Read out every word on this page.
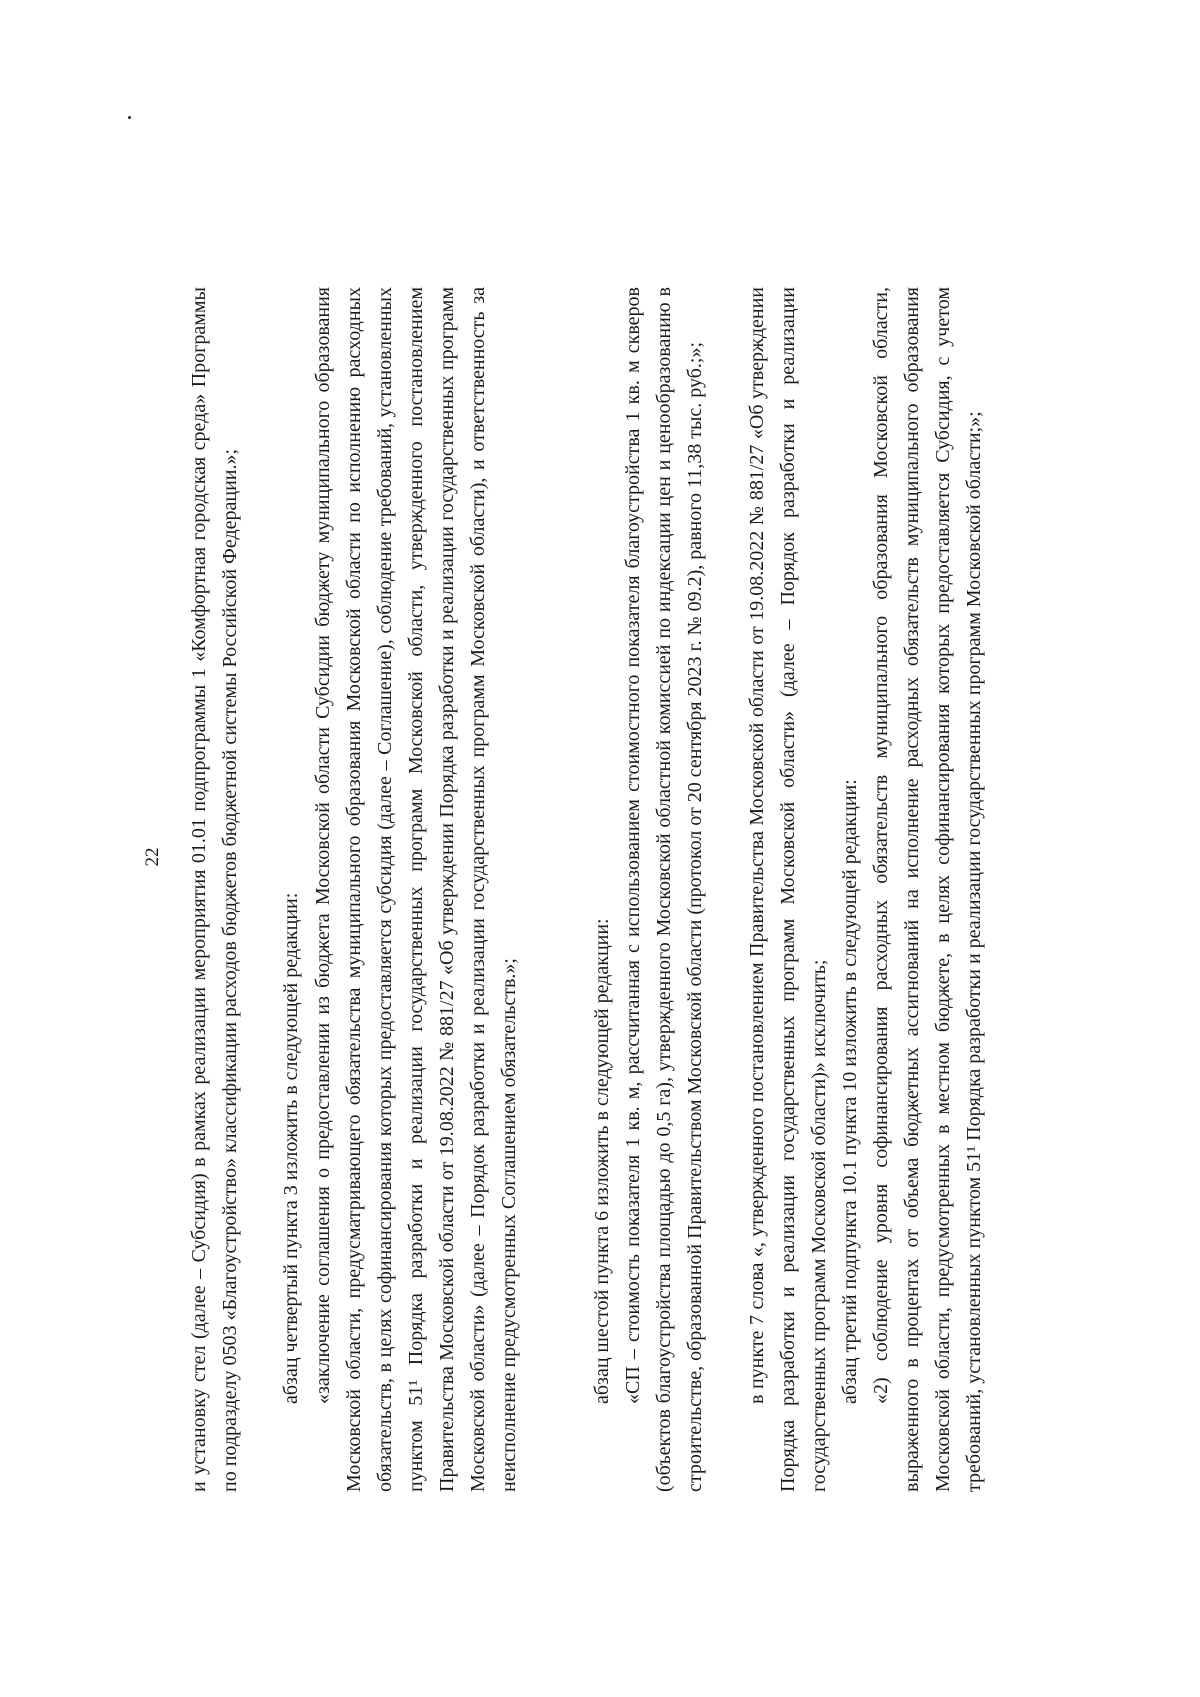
22 и установку стел (далее – Субсидия) в рамках реализации мероприятия 01.01 подпрограммы 1 «Комфортная городская среда» Программы по подразделу 0503 «Благоустройство» классификации расходов бюджетов бюджетной системы Российской Федерации.»; абзац четвертый пункта 3 изложить в следующей редакции: «заключение соглашения о предоставлении из бюджета Московской области Субсидии бюджету муниципального образования Московской области, предусматривающего обязательства муниципального образования Московской области по исполнению расходных обязательств, в целях софинансирования которых предоставляется субсидия (далее – Соглашение), соблюдение требований, установленных пунктом 51¹ Порядка разработки и реализации государственных программ Московской области, утвержденного постановлением Правительства Московской области от 19.08.2022 № 881/27 «Об утверждении Порядка разработки и реализации государственных программ Московской области» (далее – Порядок разработки и реализации государственных программ Московской области), и ответственность за неисполнение предусмотренных Соглашением обязательств.»;	абзац шестой пункта 6 изложить в следующей редакции: «СП – стоимость показателя 1 кв. м, рассчитанная с использованием стоимостного показателя благоустройства 1 кв. м скверов (объектов благоустройства площадью до 0,5 га), утвержденного Московской областной комиссией по индексации цен и ценообразованию в строительстве, образованной Правительством Московской области (протокол от 20 сентября 2023 г. № 09.2), равного 11,38 тыс. руб.;»; в пункте 7 слова «, утвержденного постановлением Правительства Московской области от 19.08.2022 № 881/27 «Об утверждении Порядка разработки и реализации государственных программ Московской области» (далее – Порядок разработки и реализации государственных программ Московской области)» исключить; абзац третий подпункта 10.1 пункта 10 изложить в следующей редакции: «2) соблюдение уровня софинансирования расходных обязательств муниципального образования Московской области, выраженного в процентах от объема бюджетных ассигнований на исполнение расходных обязательств муниципального образования Московской области, предусмотренных в местном бюджете, в целях софинансирования которых предоставляется Субсидия, с учетом требований, установленных пунктом 51¹ Порядка разработки и реализации государственных программ Московской области;»;
